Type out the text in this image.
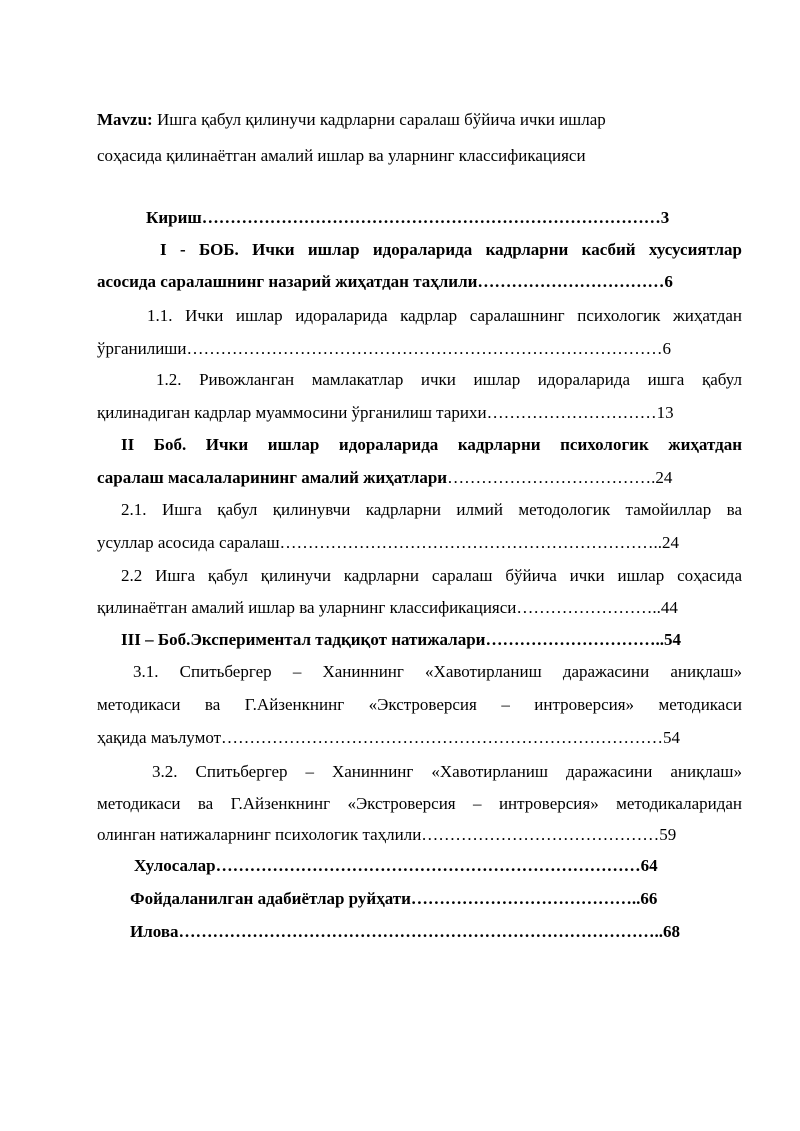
Mavzu: Ишга қабул қилинучи кадрларни саралаш бўйича ички ишлар
соҳасида қилинаётган амалий ишлар ва уларнинг классификацияси
Кириш………………………………………………………………………3
I - БОБ. Ички ишлар идораларида кадрларни касбий хусусиятлар
асосида саралашнинг назарий жиҳатдан таҳлили……………………………6
1.1. Ички ишлар идораларида кадрлар саралашнинг психологик жиҳатдан
ўрганилиши…………………………………………………………………………6
1.2. Ривожланган мамлакатлар ички ишлар идораларида ишга қабул
қилинадиган кадрлар муаммосини ўрганилиш тарихи…………………………13
II Боб. Ички ишлар идораларида кадрларни психологик жиҳатдан
саралаш масалаларининг амалий жиҳатлари……………………………….24
2.1. Ишга қабул қилинувчи кадрларни илмий методологик тамойиллар ва
усуллар асосида саралаш…………………………………………………………..24
2.2 Ишга қабул қилинучи кадрларни саралаш бўйича ички ишлар соҳасида
қилинаётган амалий ишлар ва уларнинг классификацияси……………………..44
III – Боб.Экспериментал тадқиқот натижалари…………………………..54
3.1. Спитьбергер – Ханиннинг «Хавотирланиш даражасини аниқлаш»
методикаси ва Г.Айзенкнинг «Экстроверсия – интроверсия» методикаси
ҳақида маълумот……………………………………………………………………54
3.2. Спитьбергер – Ханиннинг «Хавотирланиш даражасини аниқлаш»
методикаси ва Г.Айзенкнинг «Экстроверсия – интроверсия» методикаларидан
олинган натижаларнинг психологик таҳлили……………………………………59
Хулосалар…………………………………………………………………64
Фойдаланилган адабиётлар руйҳати…………………………………..66
Илова…………………………………………………………………………..68
